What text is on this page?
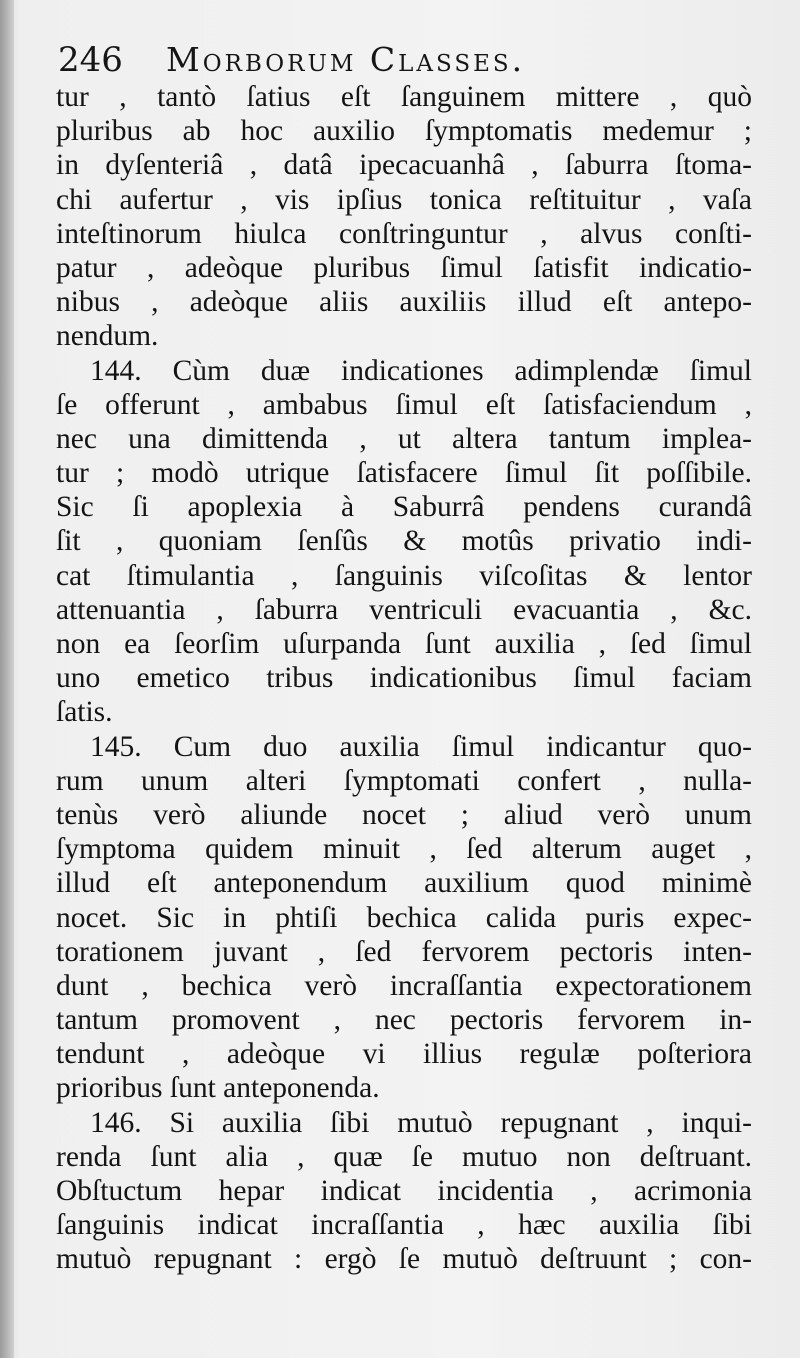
246 Morborum Classes.
tur , tantò ſatius eſt ſanguinem mittere , quò
pluribus ab hoc auxilio ſymptomatis medemur ;
in dyſenteriâ , datâ ipecacuanhâ , ſaburra ſtoma-
chi aufertur , vis ipſius tonica reſtituitur , vaſa
inteſtinorum hiulca conſtringuntur , alvus conſti-
patur , adeòque pluribus ſimul ſatisfit indicatio-
nibus , adeòque aliis auxiliis illud eſt antepo-
nendum.
144. Cùm duæ indicationes adimplendæ ſimul
ſe offerunt , ambabus ſimul eſt ſatisfaciendum ,
nec una dimittenda , ut altera tantum implea-
tur ; modò utrique ſatisfacere ſimul ſit poſſibile.
Sic ſi apoplexia à Saburrâ pendens curandâ
ſit , quoniam ſenſûs & motûs privatio indi-
cat ſtimulantia , ſanguinis viſcoſitas & lentor
attenuantia , ſaburra ventriculi evacuantia , &c.
non ea ſeorſim uſurpanda ſunt auxilia , ſed ſimul
uno emetico tribus indicationibus ſimul faciam
ſatis.
145. Cum duo auxilia ſimul indicantur quo-
rum unum alteri ſymptomati confert , nulla-
tenùs verò aliunde nocet ; aliud verò unum
ſymptoma quidem minuit , ſed alterum auget ,
illud eſt anteponendum auxilium quod minimè
nocet. Sic in phtiſi bechica calida puris expec-
torationem juvant , ſed fervorem pectoris inten-
dunt , bechica verò incraſſantia expectorationem
tantum promovent , nec pectoris fervorem in-
tendunt , adeòque vi illius regulæ poſteriora
prioribus ſunt anteponenda.
146. Si auxilia ſibi mutuò repugnant , inqui-
renda ſunt alia , quæ ſe mutuo non deſtruant.
Obſtuctum hepar indicat incidentia , acrimonia
ſanguinis indicat incraſſantia , hæc auxilia ſibi
mutuò repugnant : ergò ſe mutuò deſtruunt ; con-
